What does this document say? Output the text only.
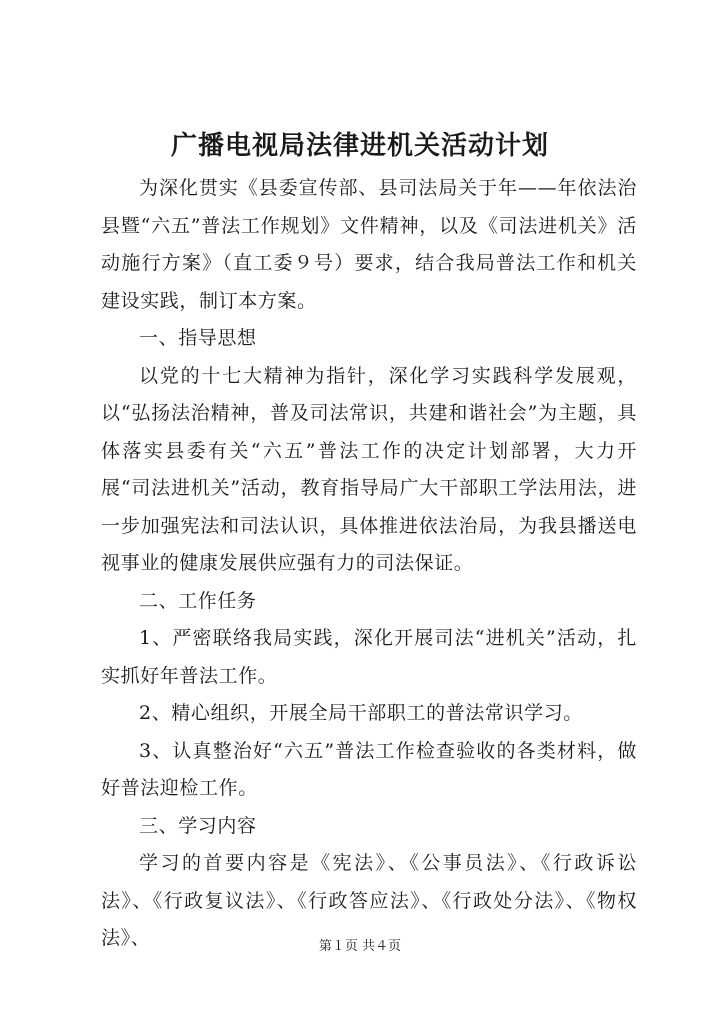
广播电视局法律进机关活动计划

为深化贯实《县委宣传部、县司法局关于年——年依法治县暨“六五”普法工作规划》文件精神，以及《司法进机关》活动施行方案》（直工委９号）要求，结合我局普法工作和机关建设实践，制订本方案。

一、指导思想

以党的十七大精神为指针，深化学习实践科学发展观，以“弘扬法治精神，普及司法常识，共建和谐社会”为主题，具体落实县委有关“六五”普法工作的决定计划部署，大力开展“司法进机关”活动，教育指导局广大干部职工学法用法，进一步加强宪法和司法认识，具体推进依法治局，为我县播送电视事业的健康发展供应强有力的司法保证。

二、工作任务

1、严密联络我局实践，深化开展司法“进机关”活动，扎实抓好年普法工作。

2、精心组织，开展全局干部职工的普法常识学习。

3、认真整治好“六五”普法工作检查验收的各类材料，做好普法迎检工作。

三、学习内容

学习的首要内容是《宪法》、《公事员法》、《行政诉讼法》、《行政复议法》、《行政答应法》、《行政处分法》、《物权法》、	第１页 共４页
